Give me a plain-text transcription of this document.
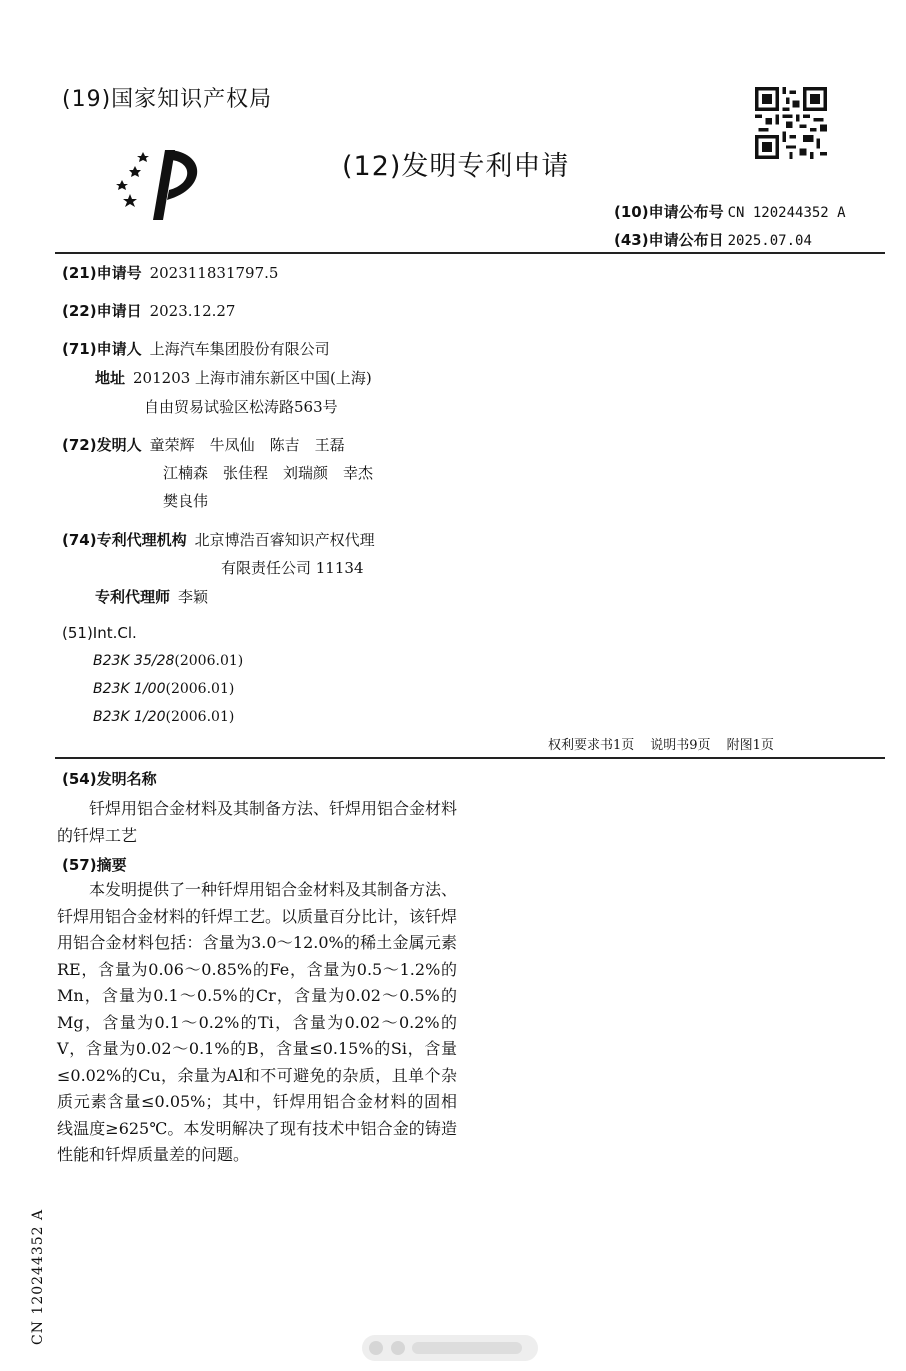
(19)国家知识产权局
(12)发明专利申请
(10)申请公布号 CN 120244352 A
(43)申请公布日 2025.07.04
(21)申请号 202311831797.5
(22)申请日 2023.12.27
(71)申请人 上海汽车集团股份有限公司
地址 201203 上海市浦东新区中国(上海)
自由贸易试验区松涛路563号
(72)发明人 童荣辉　牛凤仙　陈吉　王磊
江楠森　张佳程　刘瑞颜　幸杰
樊良伟
(74)专利代理机构 北京博浩百睿知识产权代理
有限责任公司 11134
专利代理师 李颖
(51)Int.Cl.
B23K 35/28(2006.01)
B23K 1/00(2006.01)
B23K 1/20(2006.01)
权利要求书1页 说明书9页 附图1页
(54)发明名称
钎焊用铝合金材料及其制备方法、钎焊用铝合金材料的钎焊工艺
(57)摘要
本发明提供了一种钎焊用铝合金材料及其制备方法、钎焊用铝合金材料的钎焊工艺。以质量百分比计，该钎焊用铝合金材料包括：含量为3.0～12.0%的稀土金属元素RE，含量为0.06～0.85%的Fe，含量为0.5～1.2%的Mn，含量为0.1～0.5%的Cr，含量为0.02～0.5%的Mg，含量为0.1～0.2%的Ti，含量为0.02～0.2%的V，含量为0.02～0.1%的B，含量≤0.15%的Si，含量≤0.02%的Cu，余量为Al和不可避免的杂质，且单个杂质元素含量≤0.05%；其中，钎焊用铝合金材料的固相线温度≥625℃。本发明解决了现有技术中铝合金的铸造性能和钎焊质量差的问题。
CN 120244352 A
